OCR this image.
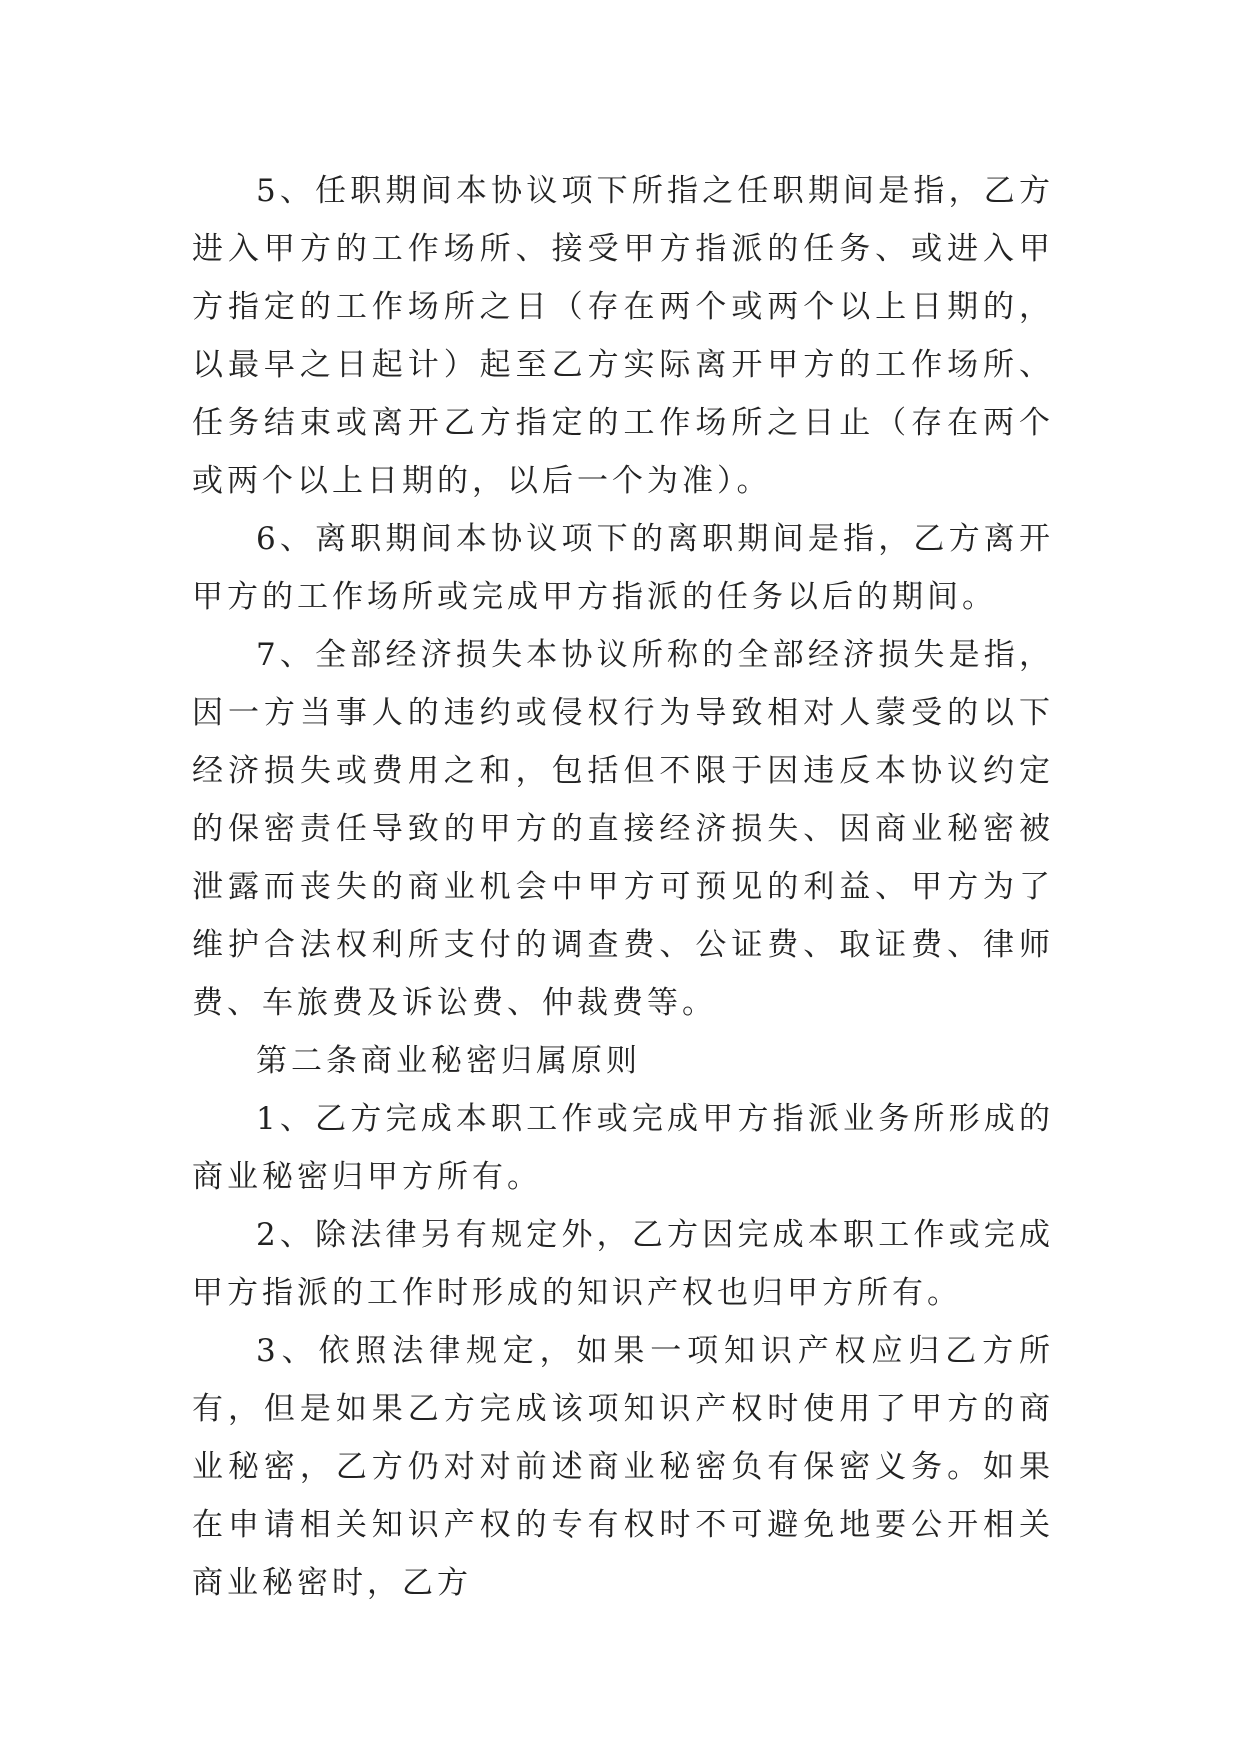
5、任职期间本协议项下所指之任职期间是指，乙方进入甲方的工作场所、接受甲方指派的任务、或进入甲方指定的工作场所之日（存在两个或两个以上日期的，以最早之日起计）起至乙方实际离开甲方的工作场所、任务结束或离开乙方指定的工作场所之日止（存在两个或两个以上日期的，以后一个为准）。

6、离职期间本协议项下的离职期间是指，乙方离开甲方的工作场所或完成甲方指派的任务以后的期间。

7、全部经济损失本协议所称的全部经济损失是指，因一方当事人的违约或侵权行为导致相对人蒙受的以下经济损失或费用之和，包括但不限于因违反本协议约定的保密责任导致的甲方的直接经济损失、因商业秘密被泄露而丧失的商业机会中甲方可预见的利益、甲方为了维护合法权利所支付的调查费、公证费、取证费、律师费、车旅费及诉讼费、仲裁费等。

第二条商业秘密归属原则

1、乙方完成本职工作或完成甲方指派业务所形成的商业秘密归甲方所有。

2、除法律另有规定外，乙方因完成本职工作或完成甲方指派的工作时形成的知识产权也归甲方所有。

3、依照法律规定，如果一项知识产权应归乙方所有，但是如果乙方完成该项知识产权时使用了甲方的商业秘密，乙方仍对对前述商业秘密负有保密义务。如果在申请相关知识产权的专有权时不可避免地要公开相关商业秘密时，乙方
